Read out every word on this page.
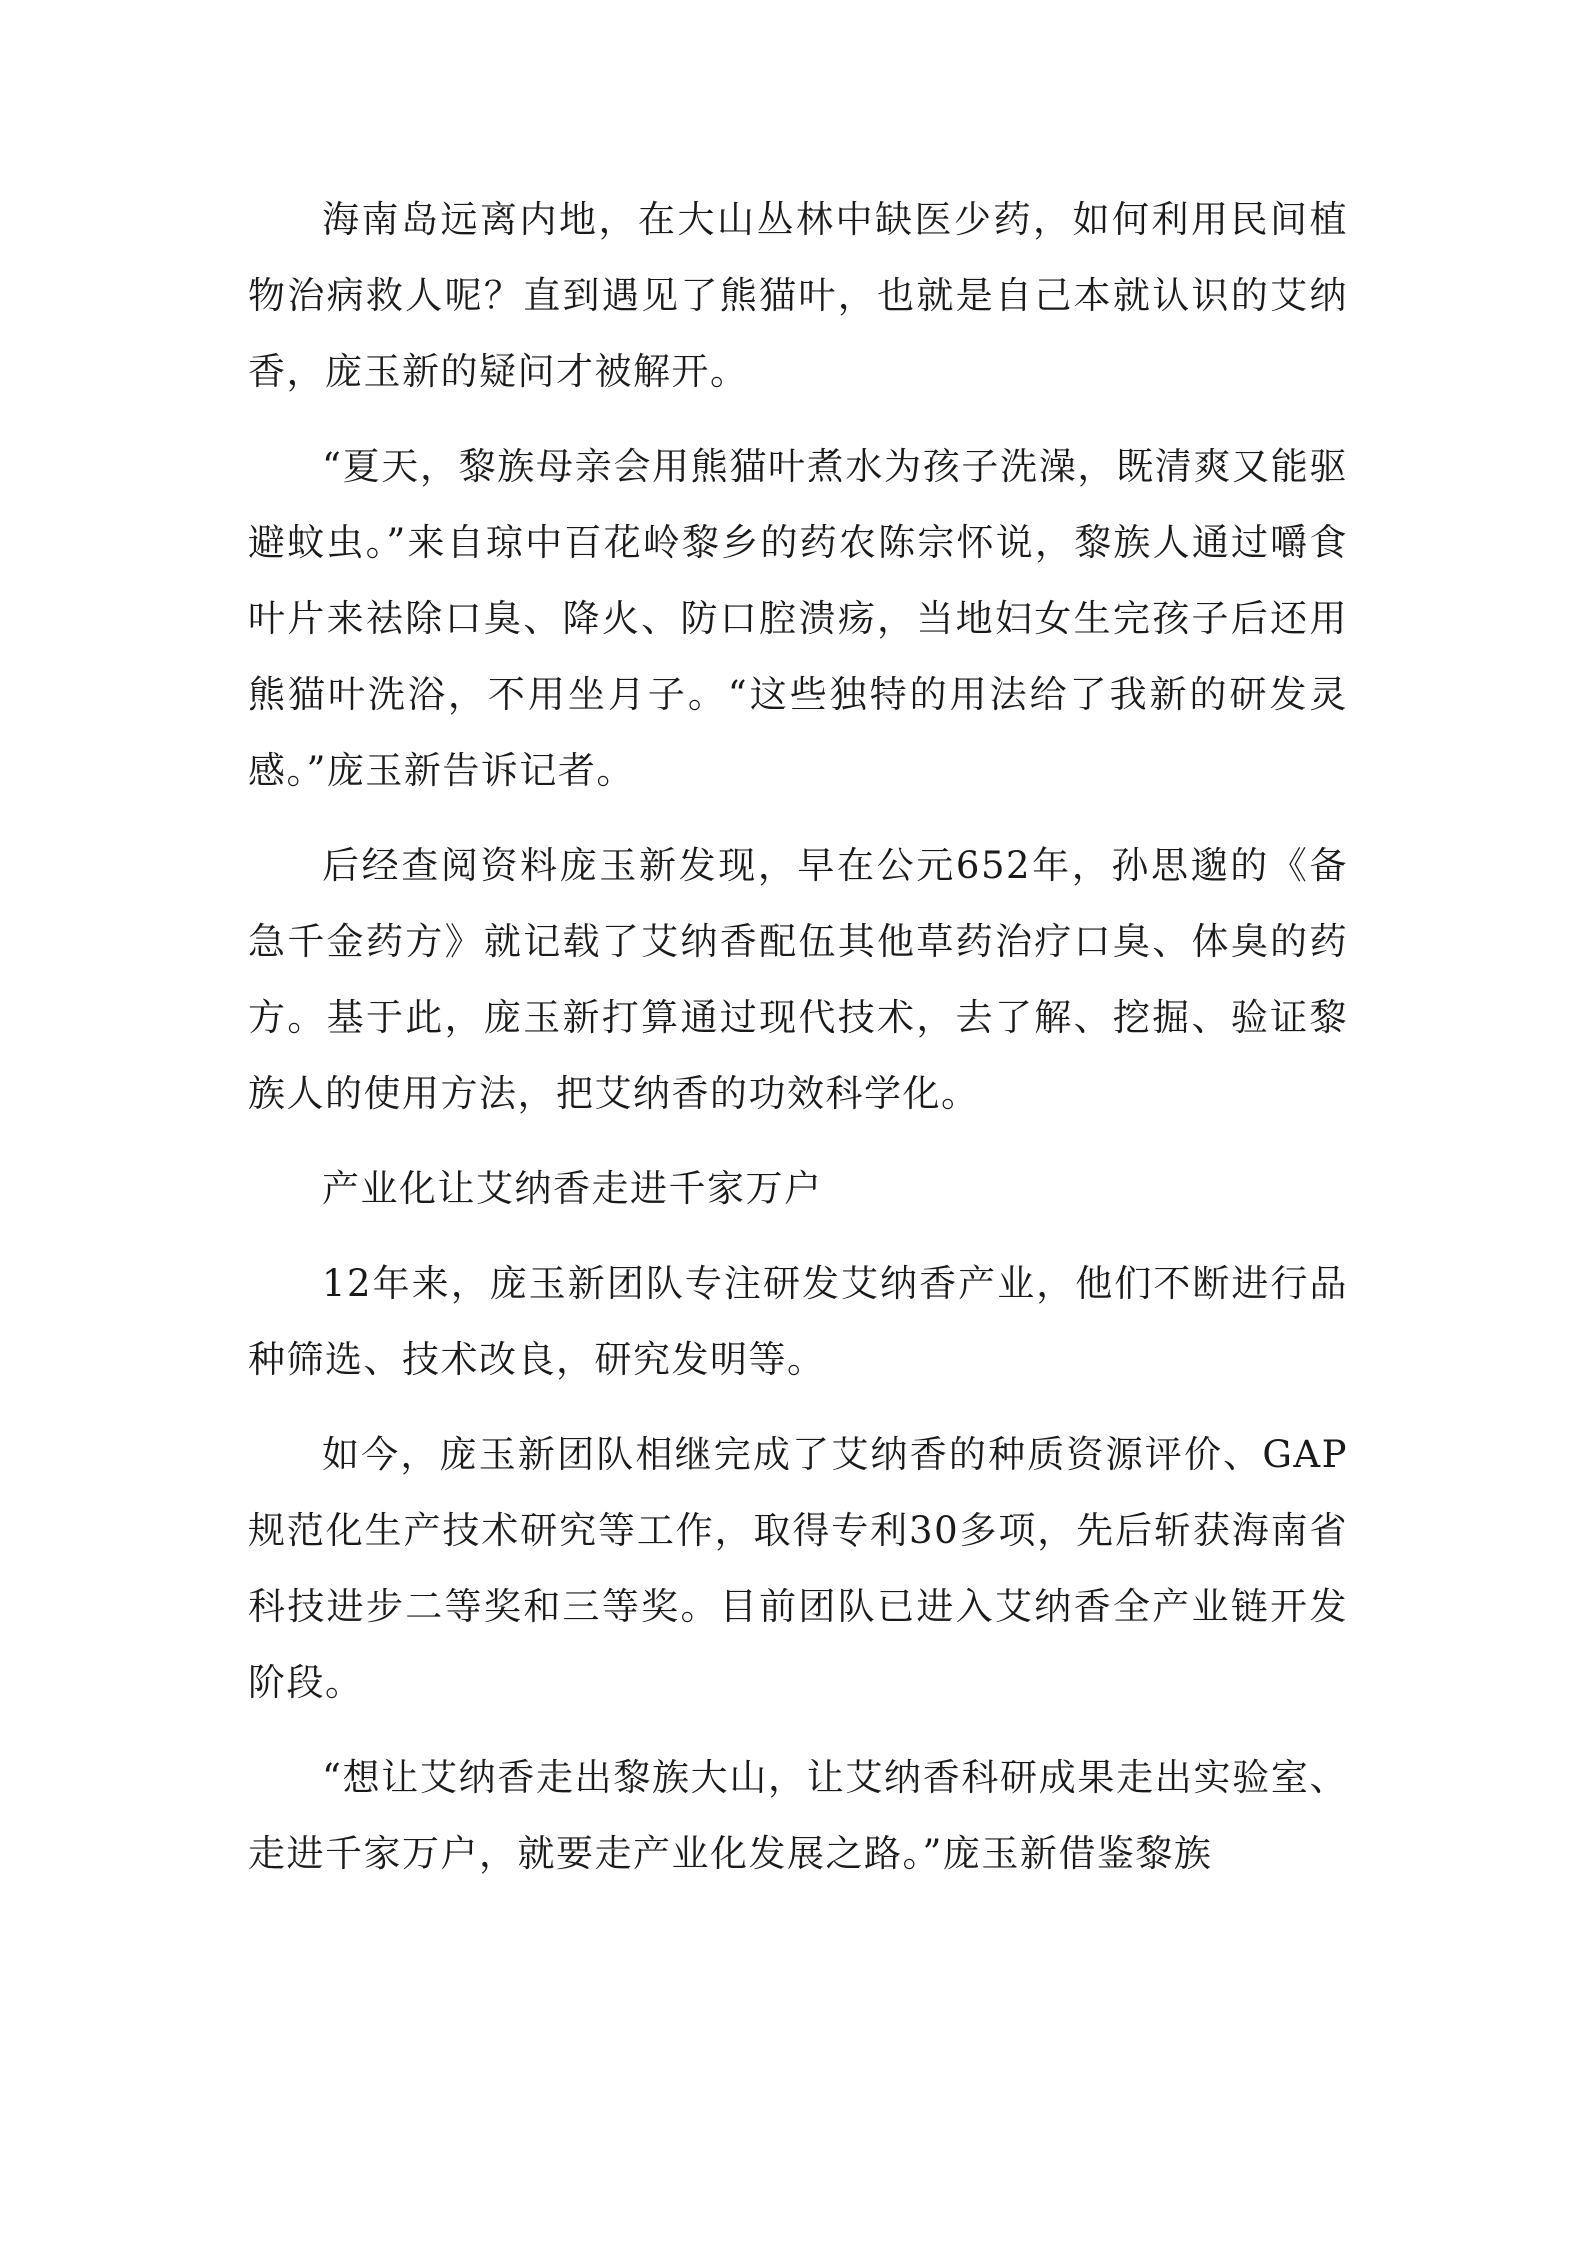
海南岛远离内地，在大山丛林中缺医少药，如何利用民间植物治病救人呢？直到遇见了熊猫叶，也就是自己本就认识的艾纳香，庞玉新的疑问才被解开。

“夏天，黎族母亲会用熊猫叶煮水为孩子洗澡，既清爽又能驱避蚊虫。”来自琼中百花岭黎乡的药农陈宗怀说，黎族人通过嚼食叶片来祛除口臭、降火、防口腔溃疡，当地妇女生完孩子后还用熊猫叶洗浴，不用坐月子。“这些独特的用法给了我新的研发灵感。”庞玉新告诉记者。

后经查阅资料庞玉新发现，早在公元652年，孙思邈的《备急千金药方》就记载了艾纳香配伍其他草药治疗口臭、体臭的药方。基于此，庞玉新打算通过现代技术，去了解、挖掘、验证黎族人的使用方法，把艾纳香的功效科学化。

产业化让艾纳香走进千家万户

12年来，庞玉新团队专注研发艾纳香产业，他们不断进行品种筛选、技术改良，研究发明等。

如今，庞玉新团队相继完成了艾纳香的种质资源评价、GAP规范化生产技术研究等工作，取得专利30多项，先后斩获海南省科技进步二等奖和三等奖。目前团队已进入艾纳香全产业链开发阶段。

“想让艾纳香走出黎族大山，让艾纳香科研成果走出实验室、走进千家万户，就要走产业化发展之路。”庞玉新借鉴黎族
